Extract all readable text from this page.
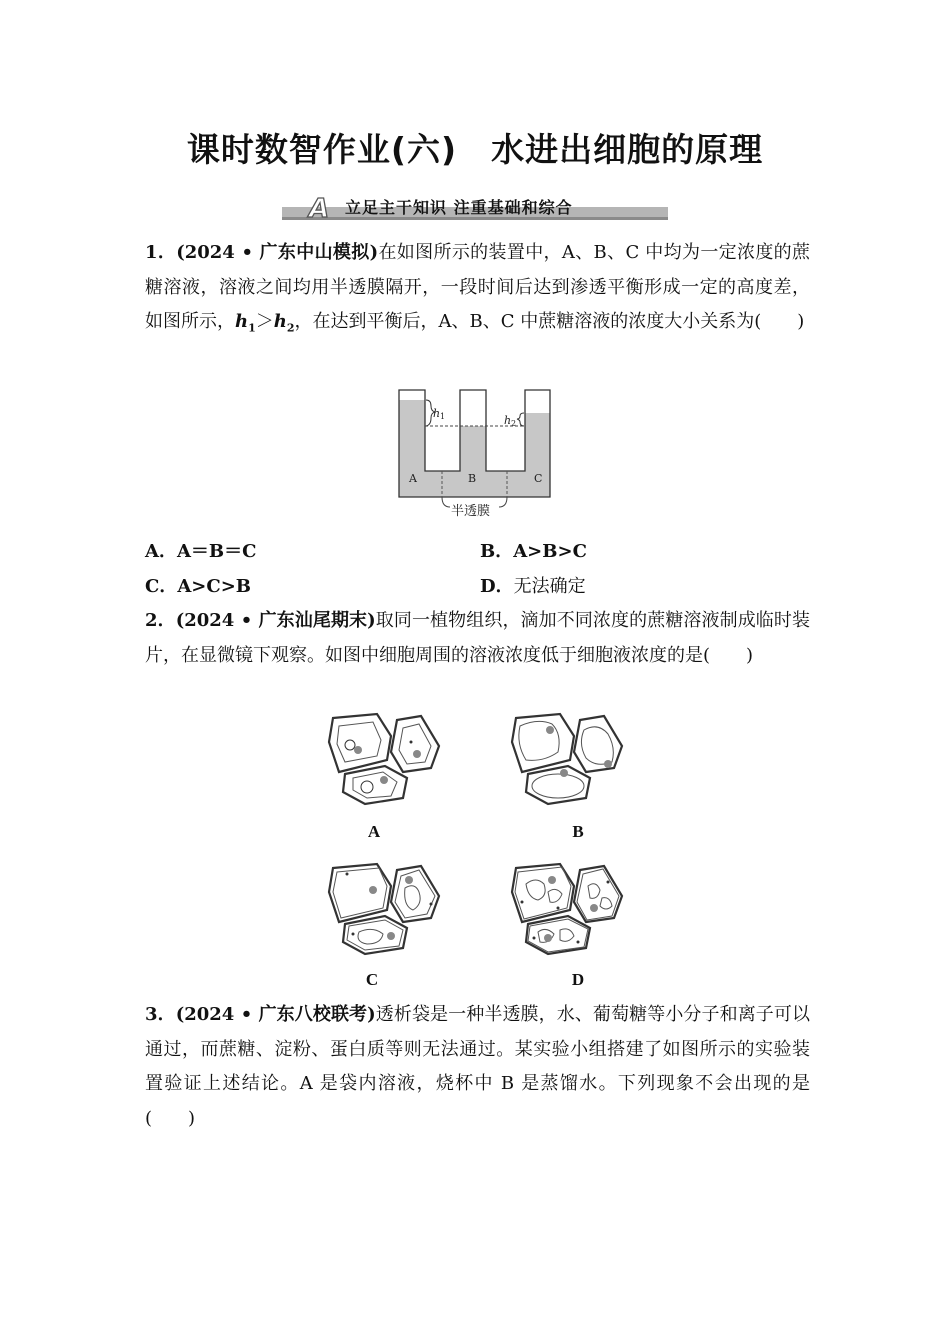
课时数智作业(六)　水进出细胞的原理
A 立足主干知识 注重基础和综合
1．(2024 • 广东中山模拟)在如图所示的装置中，A、B、C 中均为一定浓度的蔗糖溶液，溶液之间均用半透膜隔开，一段时间后达到渗透平衡形成一定的高度差，如图所示，$h_1>h_2$，在达到平衡后，A、B、C 中蔗糖溶液的浓度大小关系为(　　)
h 1	h 2
A	B	C
半透膜
A．A＝B＝C	B．A>B>C
C．A>C>B	D．无法确定
2．(2024 • 广东汕尾期末)取同一植物组织，滴加不同浓度的蔗糖溶液制成临时装片，在显微镜下观察。如图中细胞周围的溶液浓度低于细胞液浓度的是(　　)
A	B
C	D
3．(2024 • 广东八校联考)透析袋是一种半透膜，水、葡萄糖等小分子和离子可以通过，而蔗糖、淀粉、蛋白质等则无法通过。某实验小组搭建了如图所示的实验装置验证上述结论。A 是袋内溶液，烧杯中 B 是蒸馏水。下列现象不会出现的是(　　)
